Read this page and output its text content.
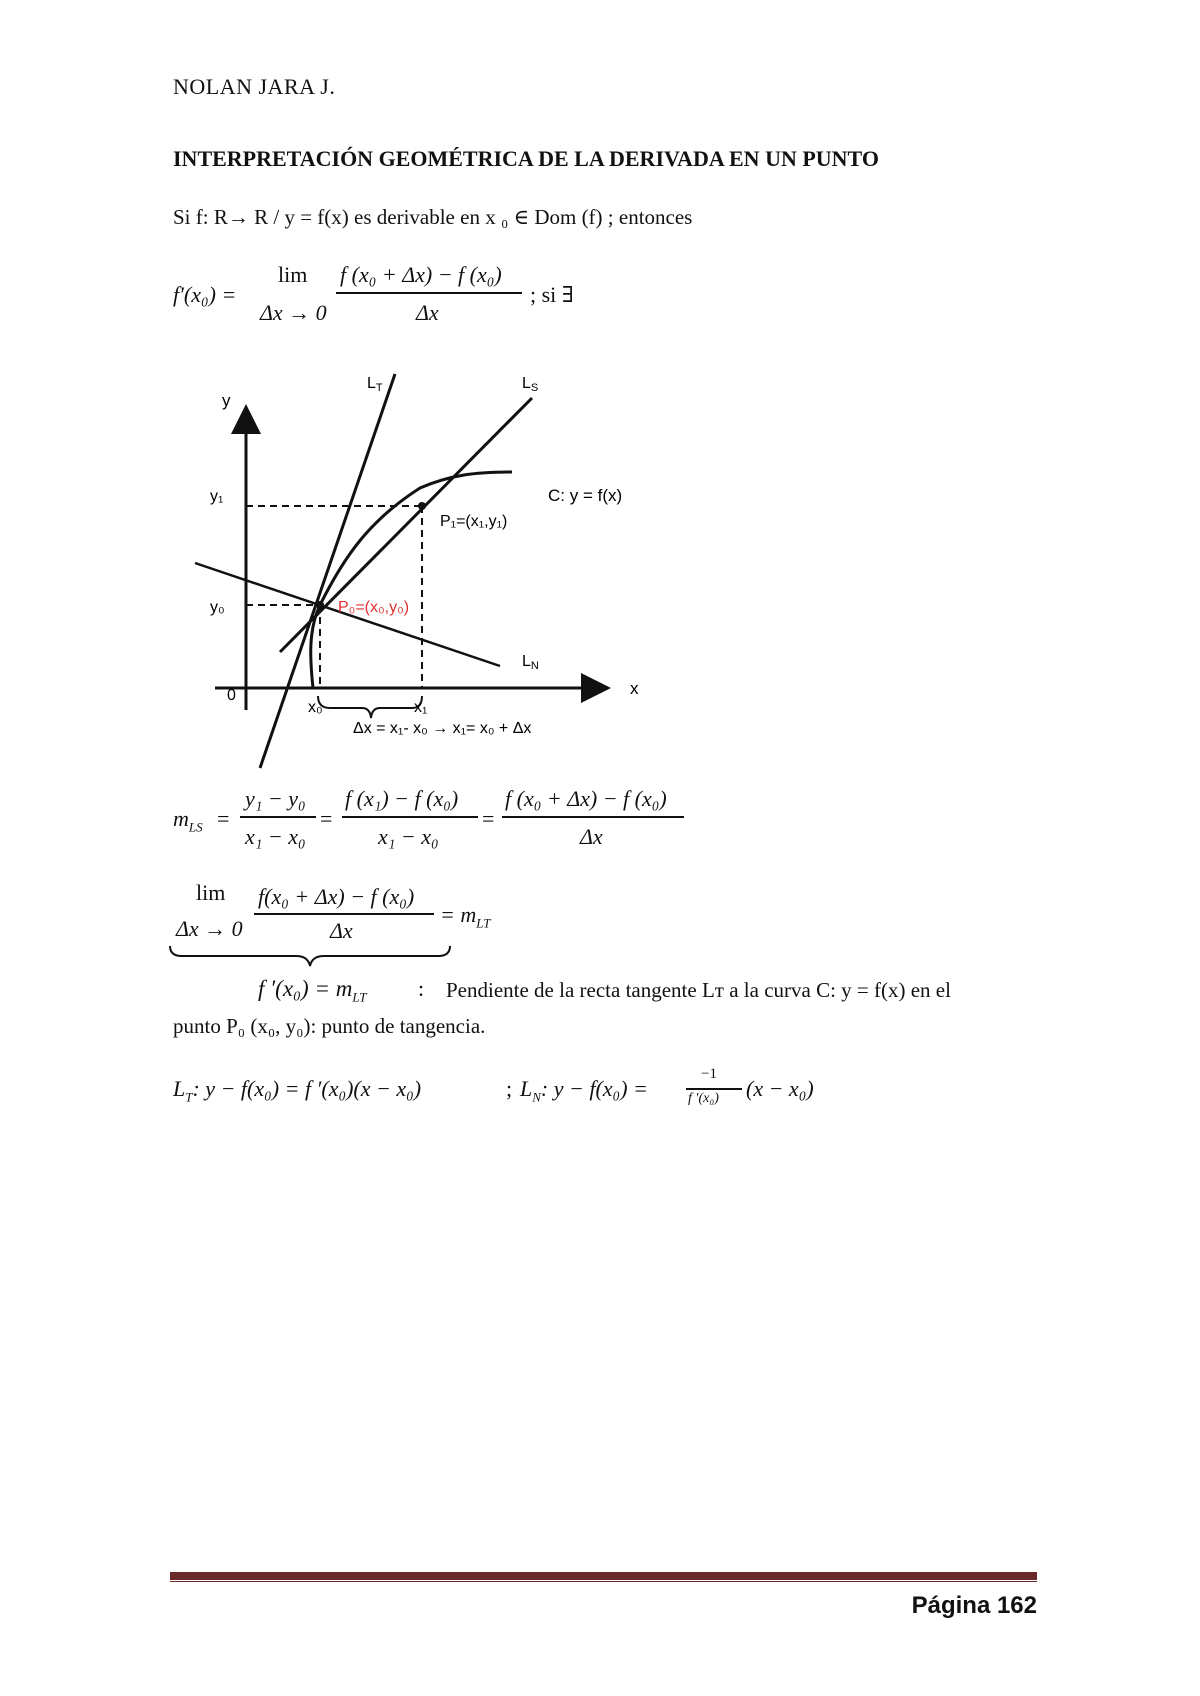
NOLAN JARA J.
INTERPRETACIÓN GEOMÉTRICA DE LA DERIVADA EN UN PUNTO
Si f: R→ R / y = f(x) es derivable en x ₀ ∈ Dom (f) ; entonces
f′(x₀) =
lim
Δx → 0
f (x₀ + Δx) − f (x₀)
Δx
; si ∃
y
x
0
LT	LS
LN
y₁
y₀
x₀	x₁
C: y = f(x)
P₁=(x₁,y₁)
P₀=(x₀,y₀)
Δx = x₁- x₀ → x₁= x₀ + Δx
$m_{LS}$ =
y₁ − y₀
x₁ − x₀
=
f (x₁) − f (x₀)
x₁ − x₀
=
f (x₀ + Δx) − f (x₀)
Δx
lim
Δx → 0
f(x₀ + Δx) − f (x₀)
Δx
= $m_{LT}$
f $'(x_0) = m_{LT}$ : Pendiente de la recta tangente Lᴛ a la curva C: y = f(x) en el
punto P₀ (x₀, y₀): punto de tangencia.
$L_T$: y − f(x₀) = f ′(x₀)(x − x₀)	; $L_N$: y − f(x₀) =
−1
f ′(x₀) (x − x₀)
Página 162
